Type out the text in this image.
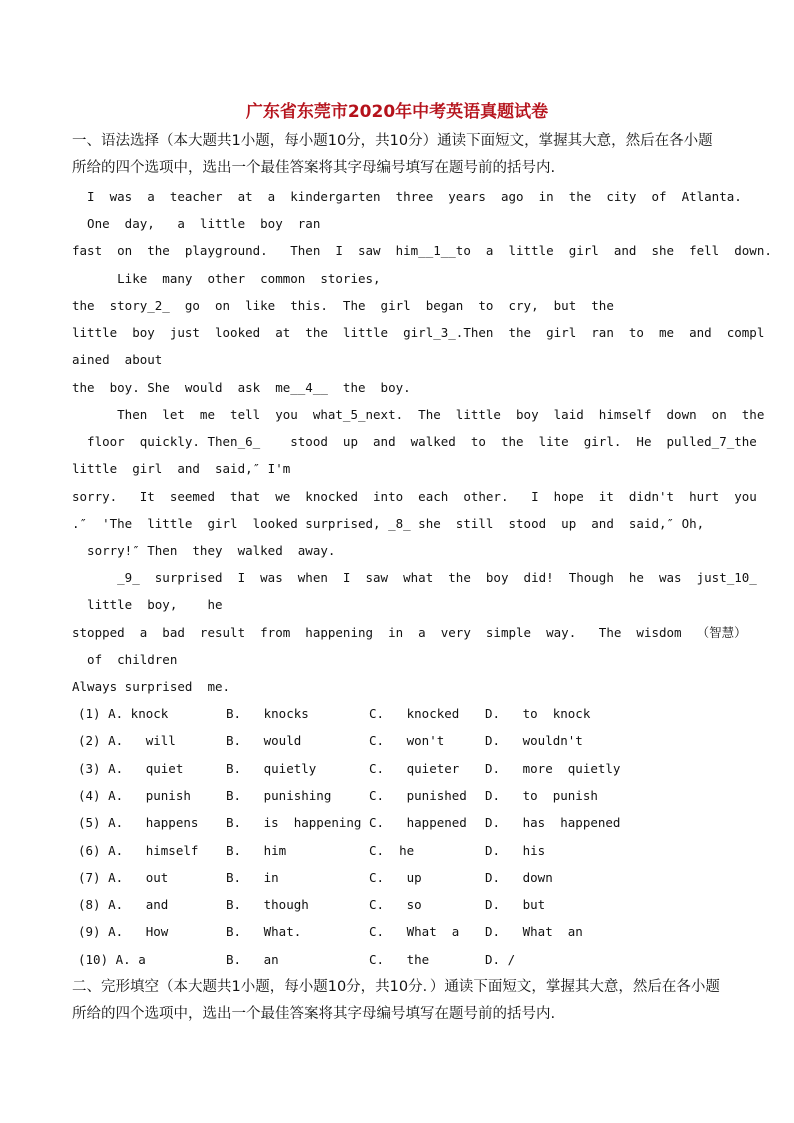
广东省东莞市2020年中考英语真题试卷
一、语法选择（本大题共1小题，每小题10分，共10分）通读下面短文，掌握其大意，然后在各小题所给的四个选项中，选出一个最佳答案将其字母编号填写在题号前的括号内.
I  was  a  teacher  at  a  kindergarten  three  years  ago  in  the  city  of  Atlanta.
One  day,   a  little  boy  ran
fast  on  the  playground.   Then  I  saw  him__1__to  a  little  girl  and  she  fell  down.
Like  many  other  common  stories,
the  story_2_  go  on  like  this.  The  girl  began  to  cry,  but  the
little  boy  just  looked  at  the  little  girl_3_.Then  the  girl  ran  to  me  and  compl
ained  about
the  boy. She  would  ask  me__4__  the  boy.
Then  let  me  tell  you  what_5_next.  The  little  boy  laid  himself  down  on  the
floor  quickly. Then_6_    stood  up  and  walked  to  the  lite  girl.  He  pulled_7_the
little  girl  and  said,″ I'm
sorry.   It  seemed  that  we  knocked  into  each  other.   I  hope  it  didn't  hurt  you
.″  'The  little  girl  looked surprised, _8_ she  still  stood  up  and  said,″ Oh,
sorry!″ Then  they  walked  away.
_9_  surprised  I  was  when  I  saw  what  the  boy  did!  Though  he  was  just_10_
little  boy,    he
stopped  a  bad  result  from  happening  in  a  very  simple  way.   The  wisdom  （智慧）
of  children
Always surprised  me.
(1) A. knock	B.   knocks	C.   knocked D.   to  knock
(2) A.   will	B.   would	C.   won't	D.   wouldn't
(3) A.   quiet	B.   quietly	C.   quieter D.   more  quietly
(4) A.   punish	B.   punishing	C.   punished D.   to  punish
(5) A.   happens B.   is  happening C.   happened D.   has  happened
(6) A.   himself B.   him	C.  he	D.   his
(7) A.   out	B.   in	C.   up	D.   down
(8) A.   and	B.   though	C.   so	D.   but
(9) A.   How	B.   What.	C.   What  a D.   What  an
(10) A. a	B.   an	C.   the	D. /
二、完形填空（本大题共1小题，每小题10分，共10分．）通读下面短文，掌握其大意，然后在各小题所给的四个选项中，选出一个最佳答案将其字母编号填写在题号前的括号内.
